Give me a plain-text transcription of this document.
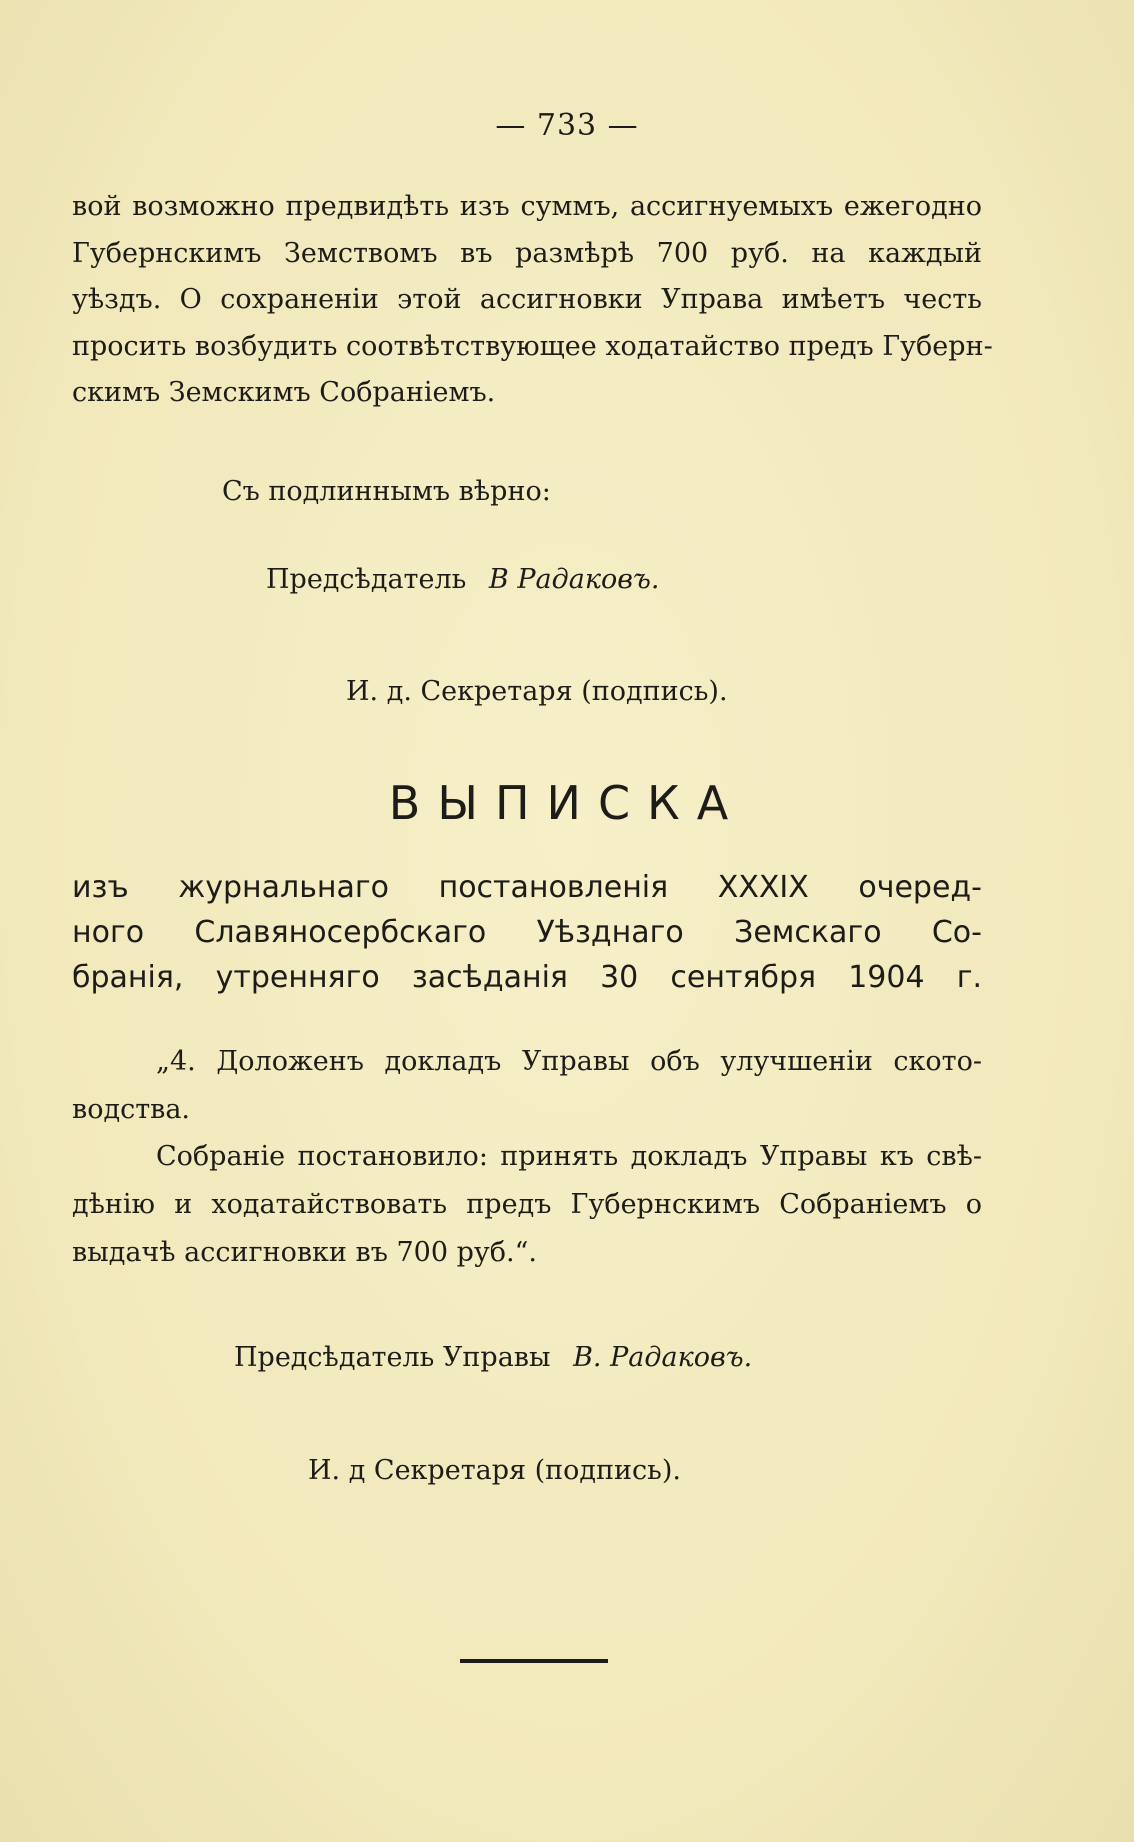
— 733 —
вой возможно предвидѣть изъ суммъ, ассигнуемыхъ ежегодно
Губернскимъ Земствомъ въ размѣрѣ 700 руб. на каждый
уѣздъ. О сохраненіи этой ассигновки Управа имѣетъ честь
просить возбудить соотвѣтствующее ходатайство предъ Губерн-
скимъ Земскимъ Собраніемъ.
Съ подлиннымъ вѣрно:
Предсѣдатель В Радаковъ.
И. д. Секретаря (подпись).
ВЫПИСКА
изъ журнальнаго постановленія XXXIX очеред-
ного Славяносербскаго Уѣзднаго Земскаго Со-
бранія, утренняго засѣданія 30 сентября 1904 г.
„4. Доложенъ докладъ Управы объ улучшеніи ското-
водства.
Собраніе постановило: принять докладъ Управы къ свѣ-
дѣнію и ходатайствовать предъ Губернскимъ Собраніемъ о
выдачѣ ассигновки въ 700 руб.“.
Предсѣдатель Управы В. Радаковъ.
И. д Секретаря (подпись).
